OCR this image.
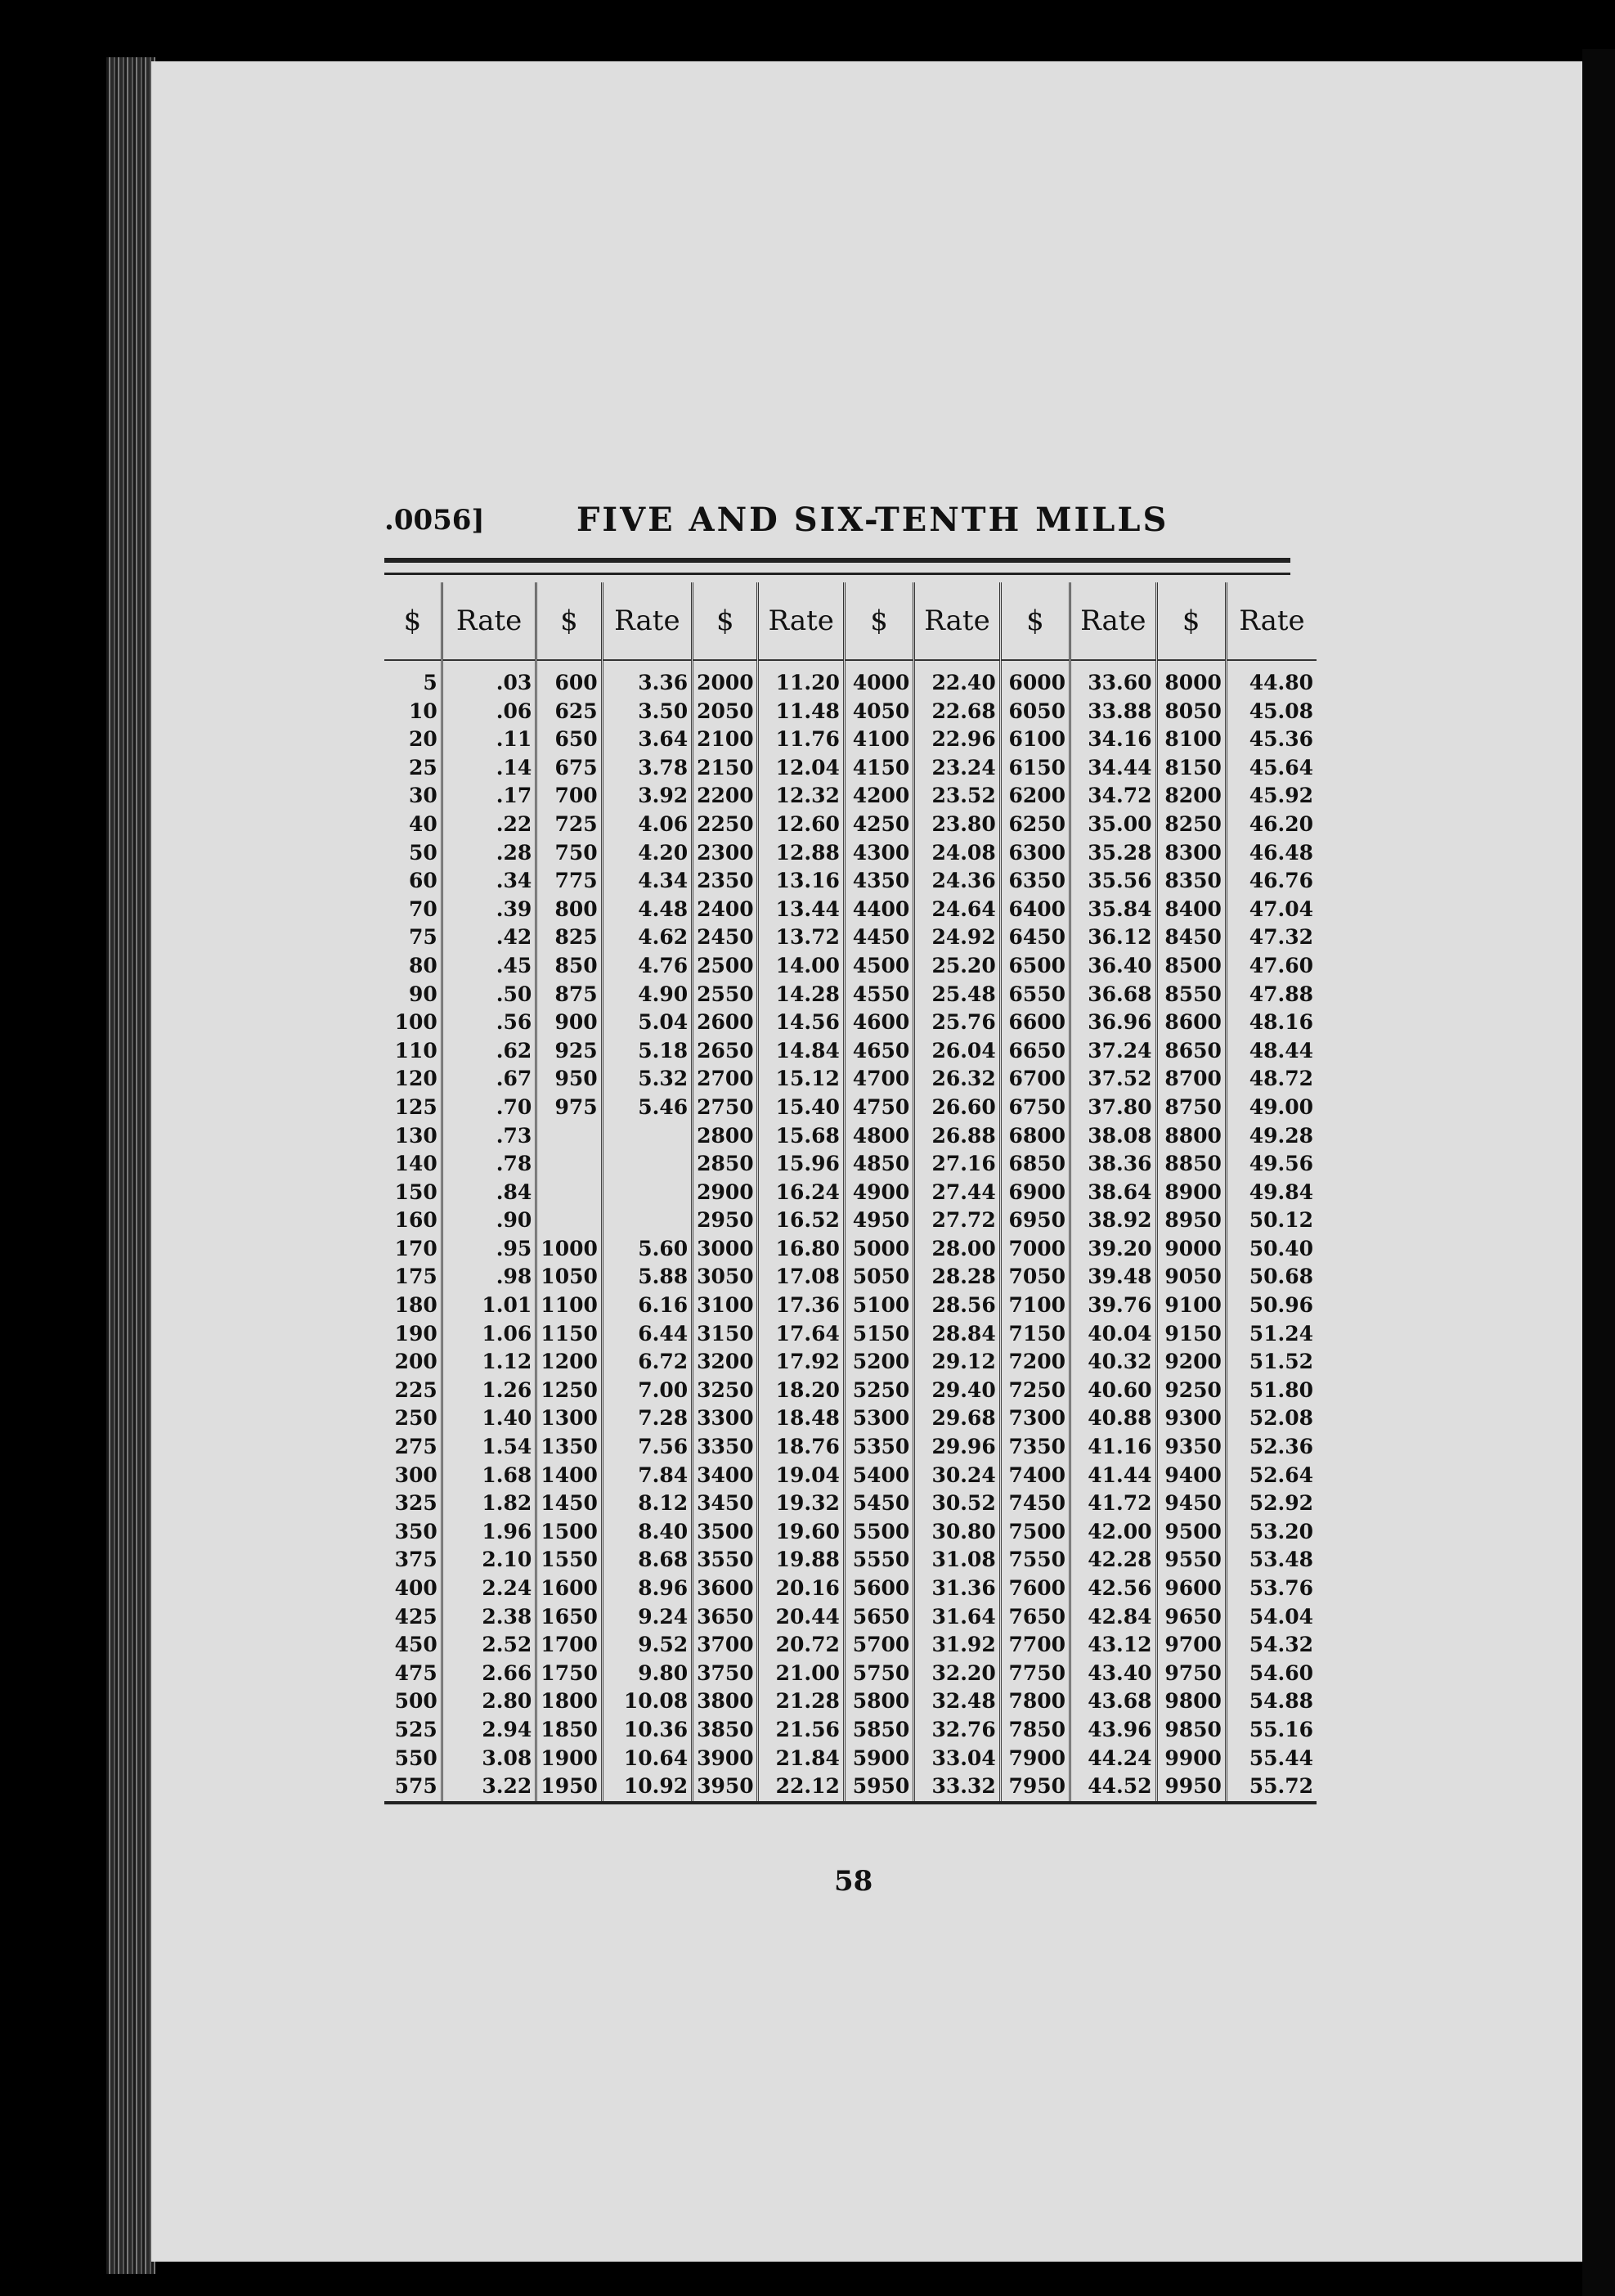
.0056]	FIVE AND SIX-TENTH MILLS
$	Rate	$	Rate	$	Rate	$	Rate	$	Rate	$	Rate
5	.03	600	3.36	2000	11.20	4000	22.40	6000	33.60	8000	44.80
10	.06	625	3.50	2050	11.48	4050	22.68	6050	33.88	8050	45.08
20	.11	650	3.64	2100	11.76	4100	22.96	6100	34.16	8100	45.36
25	.14	675	3.78	2150	12.04	4150	23.24	6150	34.44	8150	45.64
30	.17	700	3.92	2200	12.32	4200	23.52	6200	34.72	8200	45.92
40	.22	725	4.06	2250	12.60	4250	23.80	6250	35.00	8250	46.20
50	.28	750	4.20	2300	12.88	4300	24.08	6300	35.28	8300	46.48
60	.34	775	4.34	2350	13.16	4350	24.36	6350	35.56	8350	46.76
70	.39	800	4.48	2400	13.44	4400	24.64	6400	35.84	8400	47.04
75	.42	825	4.62	2450	13.72	4450	24.92	6450	36.12	8450	47.32
80	.45	850	4.76	2500	14.00	4500	25.20	6500	36.40	8500	47.60
90	.50	875	4.90	2550	14.28	4550	25.48	6550	36.68	8550	47.88
100	.56	900	5.04	2600	14.56	4600	25.76	6600	36.96	8600	48.16
110	.62	925	5.18	2650	14.84	4650	26.04	6650	37.24	8650	48.44
120	.67	950	5.32	2700	15.12	4700	26.32	6700	37.52	8700	48.72
125	.70	975	5.46	2750	15.40	4750	26.60	6750	37.80	8750	49.00
130	.73			2800	15.68	4800	26.88	6800	38.08	8800	49.28
140	.78			2850	15.96	4850	27.16	6850	38.36	8850	49.56
150	.84			2900	16.24	4900	27.44	6900	38.64	8900	49.84
160	.90			2950	16.52	4950	27.72	6950	38.92	8950	50.12
170	.95	1000	5.60	3000	16.80	5000	28.00	7000	39.20	9000	50.40
175	.98	1050	5.88	3050	17.08	5050	28.28	7050	39.48	9050	50.68
180	1.01	1100	6.16	3100	17.36	5100	28.56	7100	39.76	9100	50.96
190	1.06	1150	6.44	3150	17.64	5150	28.84	7150	40.04	9150	51.24
200	1.12	1200	6.72	3200	17.92	5200	29.12	7200	40.32	9200	51.52
225	1.26	1250	7.00	3250	18.20	5250	29.40	7250	40.60	9250	51.80
250	1.40	1300	7.28	3300	18.48	5300	29.68	7300	40.88	9300	52.08
275	1.54	1350	7.56	3350	18.76	5350	29.96	7350	41.16	9350	52.36
300	1.68	1400	7.84	3400	19.04	5400	30.24	7400	41.44	9400	52.64
325	1.82	1450	8.12	3450	19.32	5450	30.52	7450	41.72	9450	52.92
350	1.96	1500	8.40	3500	19.60	5500	30.80	7500	42.00	9500	53.20
375	2.10	1550	8.68	3550	19.88	5550	31.08	7550	42.28	9550	53.48
400	2.24	1600	8.96	3600	20.16	5600	31.36	7600	42.56	9600	53.76
425	2.38	1650	9.24	3650	20.44	5650	31.64	7650	42.84	9650	54.04
450	2.52	1700	9.52	3700	20.72	5700	31.92	7700	43.12	9700	54.32
475	2.66	1750	9.80	3750	21.00	5750	32.20	7750	43.40	9750	54.60
500	2.80	1800	10.08	3800	21.28	5800	32.48	7800	43.68	9800	54.88
525	2.94	1850	10.36	3850	21.56	5850	32.76	7850	43.96	9850	55.16
550	3.08	1900	10.64	3900	21.84	5900	33.04	7900	44.24	9900	55.44
575	3.22	1950	10.92	3950	22.12	5950	33.32	7950	44.52	9950	55.72
58
